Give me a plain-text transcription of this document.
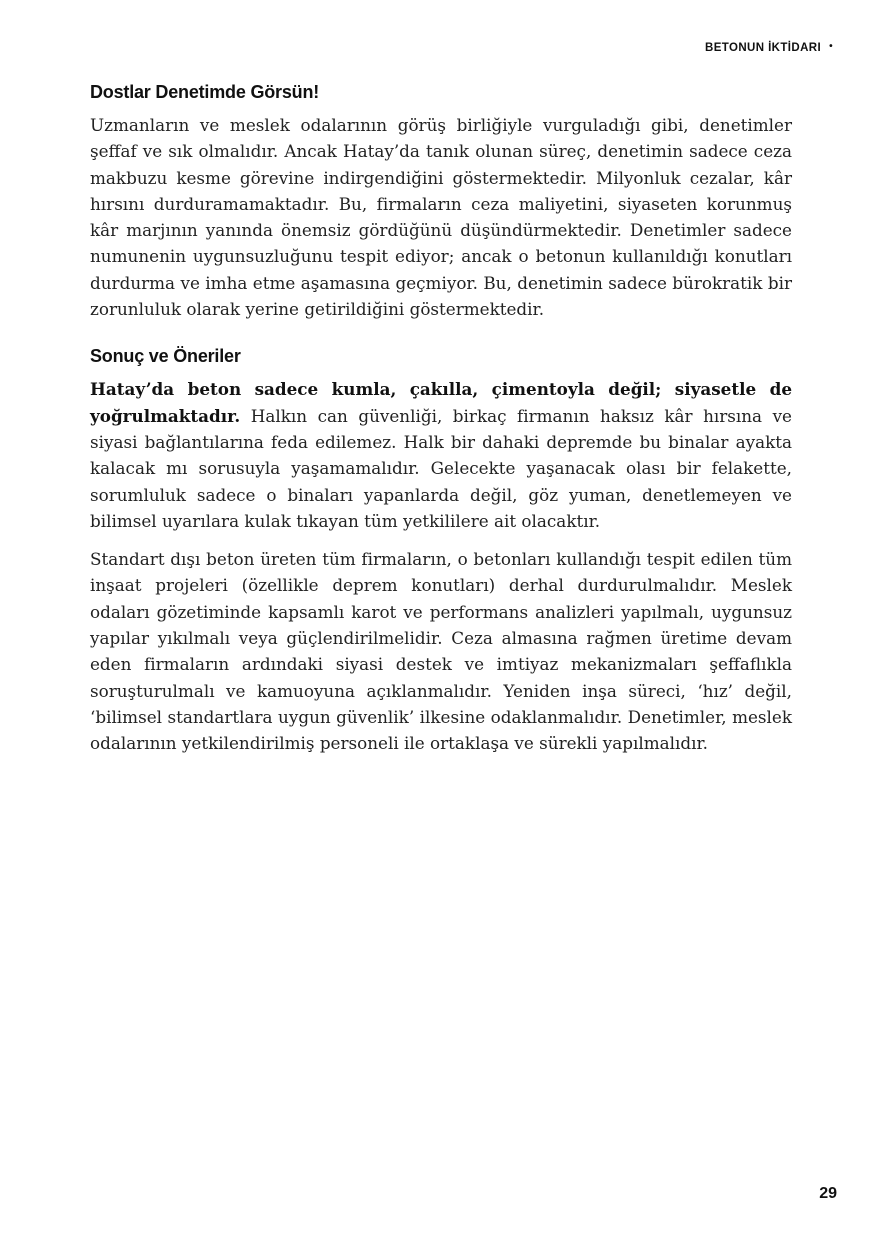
BETONUN İKTİDARI •
Dostlar Denetimde Görsün!

Uzmanların ve meslek odalarının görüş birliğiyle vurguladığı gibi, denetimler şeffaf ve sık olmalıdır. Ancak Hatay’da tanık olunan süreç, denetimin sadece ceza makbuzu kesme görevine indirgendiğini göstermektedir. Milyonluk cezalar, kâr hırsını durduramamaktadır. Bu, firmaların ceza maliyetini, siyaseten korunmuş kâr marjının yanında önemsiz gördüğünü düşündürmektedir. Denetimler sadece numunenin uygunsuzluğunu tespit ediyor; ancak o betonun kullanıldığı konutları durdurma ve imha etme aşamasına geçmiyor. Bu, denetimin sadece bürokratik bir zorunluluk olarak yerine getirildiğini göstermektedir.

Sonuç ve Öneriler

Hatay’da beton sadece kumla, çakılla, çimentoyla değil; siyasetle de yoğrulmaktadır. Halkın can güvenliği, birkaç firmanın haksız kâr hırsına ve siyasi bağlantılarına feda edilemez. Halk bir dahaki depremde bu binalar ayakta kalacak mı sorusuyla yaşamamalıdır. Gelecekte yaşanacak olası bir felakette, sorumluluk sadece o binaları yapanlarda değil, göz yuman, denetlemeyen ve bilimsel uyarılara kulak tıkayan tüm yetkililere ait olacaktır.

Standart dışı beton üreten tüm firmaların, o betonları kullandığı tespit edilen tüm inşaat projeleri (özellikle deprem konutları) derhal durdurulmalıdır. Meslek odaları gözetiminde kapsamlı karot ve performans analizleri yapılmalı, uygunsuz yapılar yıkılmalı veya güçlendirilmelidir. Ceza almasına rağmen üretime devam eden firmaların ardındaki siyasi destek ve imtiyaz mekanizmaları şeffaflıkla soruşturulmalı ve kamuoyuna açıklanmalıdır. Yeniden inşa süreci, ‘hız’ değil, ‘bilimsel standartlara uygun güvenlik’ ilkesine odaklanmalıdır. Denetimler, meslek odalarının yetkilendirilmiş personeli ile ortaklaşa ve sürekli yapılmalıdır.

29
